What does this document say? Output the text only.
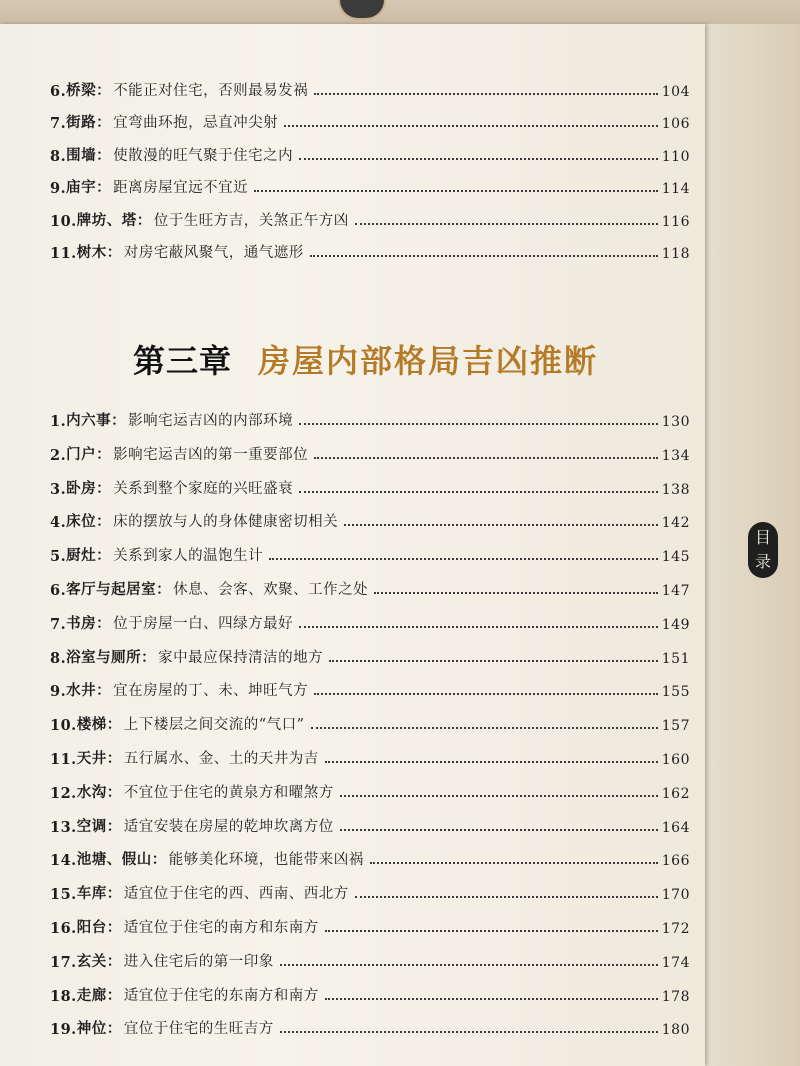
6. 桥梁： 不能正对住宅，否则最易发祸	104
7. 街路： 宜弯曲环抱，忌直冲尖射	106
8. 围墙： 使散漫的旺气聚于住宅之内	110
9. 庙宇： 距离房屋宜远不宜近	114
10. 牌坊、塔： 位于生旺方吉，关煞正午方凶	116
11. 树木： 对房宅蔽风聚气，通气遮形	118
第三章 房屋内部格局吉凶推断
1. 内六事： 影响宅运吉凶的内部环境	130
2. 门户： 影响宅运吉凶的第一重要部位	134
3. 卧房： 关系到整个家庭的兴旺盛衰	138
4. 床位： 床的摆放与人的身体健康密切相关	142
5. 厨灶： 关系到家人的温饱生计	145
6. 客厅与起居室： 休息、会客、欢聚、工作之处	147
7. 书房： 位于房屋一白、四绿方最好	149
8. 浴室与厕所： 家中最应保持清洁的地方	151
9. 水井： 宜在房屋的丁、未、坤旺气方	155
10. 楼梯： 上下楼层之间交流的“气口”	157
11. 天井： 五行属水、金、土的天井为吉	160
12. 水沟： 不宜位于住宅的黄泉方和曜煞方	162
13. 空调： 适宜安装在房屋的乾坤坎离方位	164
14. 池塘、假山： 能够美化环境，也能带来凶祸	166
15. 车库： 适宜位于住宅的西、西南、西北方	170
16. 阳台： 适宜位于住宅的南方和东南方	172
17. 玄关： 进入住宅后的第一印象	174
18. 走廊： 适宜位于住宅的东南方和南方	178
19. 神位： 宜位于住宅的生旺吉方	180
目
录
